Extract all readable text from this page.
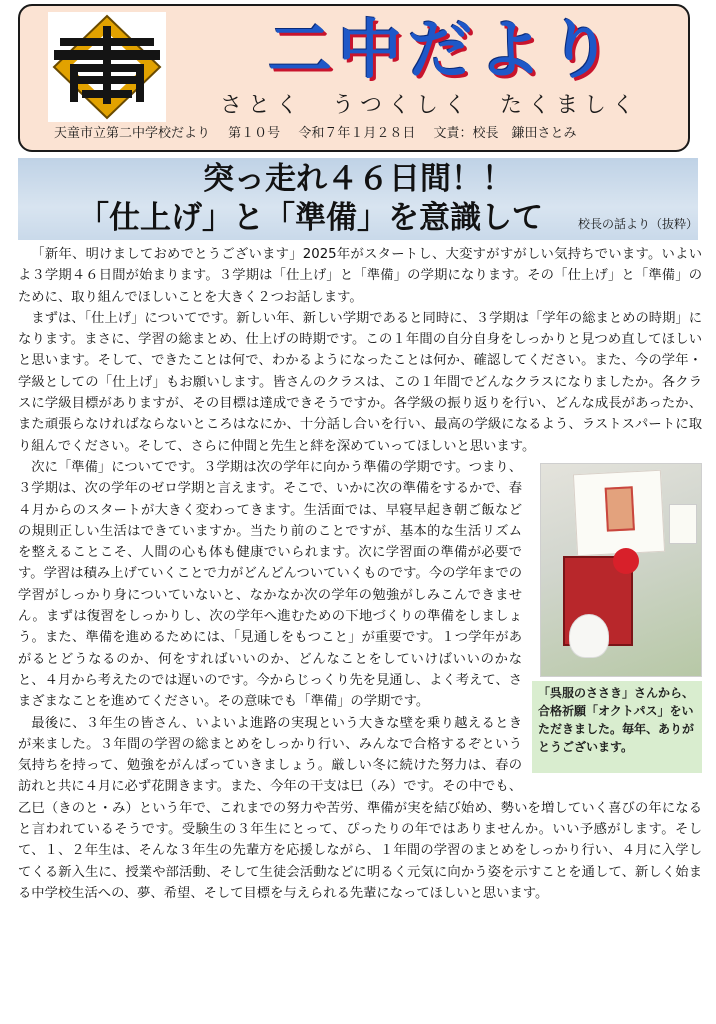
二中だより
さとく　うつくしく　たくましく
天童市立第二中学校だより 第１０号 令和７年１月２８日 文責：校長　鎌田さとみ
突っ走れ４６日間！！
「仕上げ」と「準備」を意識して	校長の話より（抜粋）

「新年、明けましておめでとうございます」2025年がスタートし、大変すがすがしい気持ちでいます。いよいよ３学期４６日間が始まります。３学期は「仕上げ」と「準備」の学期になります。その「仕上げ」と「準備」のために、取り組んでほしいことを大きく２つお話します。

まずは、「仕上げ」についてです。新しい年、新しい学期であると同時に、３学期は「学年の総まとめの時期」になります。まさに、学習の総まとめ、仕上げの時期です。この１年間の自分自身をしっかりと見つめ直してほしいと思います。そして、できたことは何で、わかるようになったことは何か、確認してください。また、今の学年・学級としての「仕上げ」もお願いします。皆さんのクラスは、この１年間でどんなクラスになりましたか。各クラスに学級目標がありますが、その目標は達成できそうですか。各学級の振り返りを行い、どんな成長があったか、また頑張らなければならないところはなにか、十分話し合いを行い、最高の学級になるよう、ラストスパートに取り組んでください。そして、さらに仲間と先生と絆を深めていってほしいと思います。

「呉服のささき」さんから、合格祈願「オクトパス」をいただきました。毎年、ありがとうございます。

次に「準備」についてです。３学期は次の学年に向かう準備の学期です。つまり、３学期は、次の学年のゼロ学期と言えます。そこで、いかに次の準備をするかで、春４月からのスタートが大きく変わってきます。生活面では、早寝早起き朝ご飯などの規則正しい生活はできていますか。当たり前のことですが、基本的な生活リズムを整えることこそ、人間の心も体も健康でいられます。次に学習面の準備が必要です。学習は積み上げていくことで力がどんどんついていくものです。今の学年までの学習がしっかり身についていないと、なかなか次の学年の勉強がしみこんできません。まずは復習をしっかりし、次の学年へ進むための下地づくりの準備をしましょう。また、準備を進めるためには、「見通しをもつこと」が重要です。１つ学年があがるとどうなるのか、何をすればいいのか、どんなことをしていけばいいのかなと、４月から考えたのでは遅いのです。今からじっくり先を見通し、よく考えて、さまざまなことを進めてください。その意味でも「準備」の学期です。

最後に、３年生の皆さん、いよいよ進路の実現という大きな壁を乗り越えるときが来ました。３年間の学習の総まとめをしっかり行い、みんなで合格するぞという気持ちを持って、勉強をがんばっていきましょう。厳しい冬に続けた努力は、春の訪れと共に４月に必ず花開きます。また、今年の干支は巳（み）です。その中でも、乙巳（きのと・み）という年で、これまでの努力や苦労、準備が実を結び始め、勢いを増していく喜びの年になると言われているそうです。受験生の３年生にとって、ぴったりの年ではありませんか。いい予感がします。そして、１、２年生は、そんな３年生の先輩方を応援しながら、１年間の学習のまとめをしっかり行い、４月に入学してくる新入生に、授業や部活動、そして生徒会活動などに明るく元気に向かう姿を示すことを通して、新しく始まる中学校生活への、夢、希望、そして目標を与えられる先輩になってほしいと思います。
